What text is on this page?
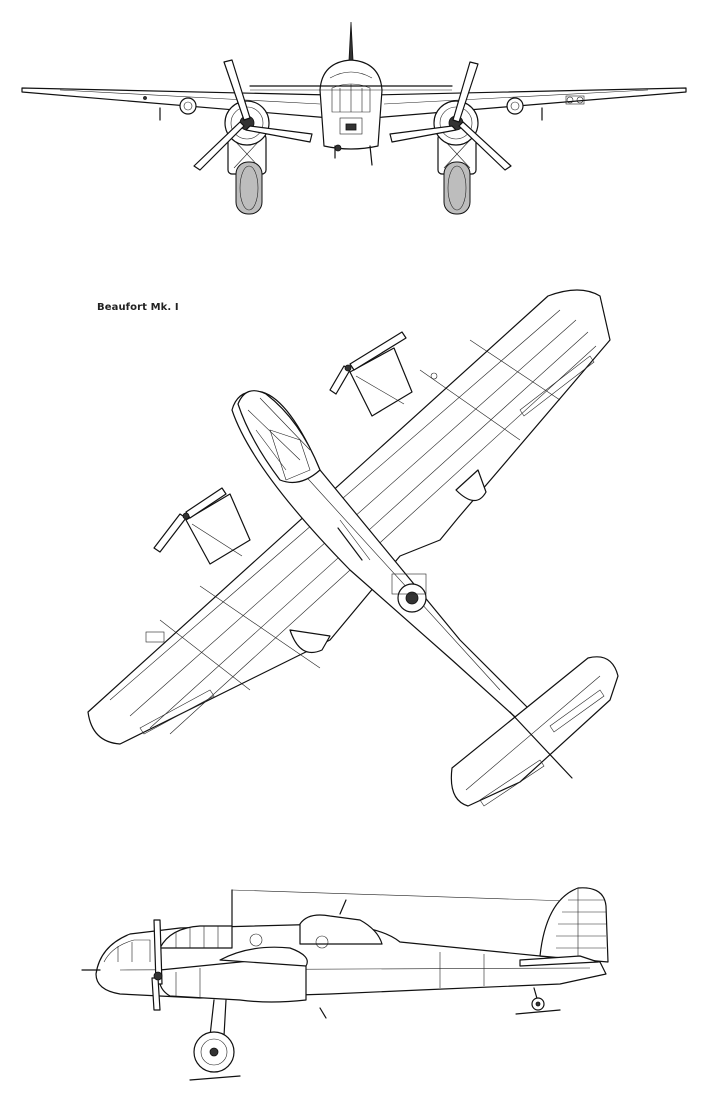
Beaufort Mk. I
